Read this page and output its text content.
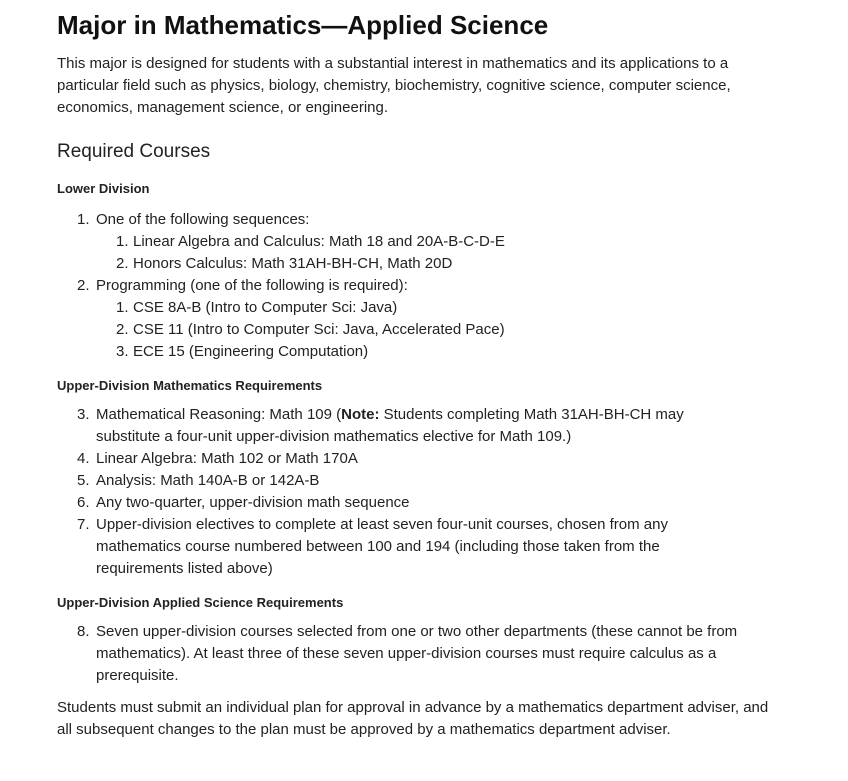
Major in Mathematics—Applied Science

This major is designed for students with a substantial interest in mathematics and its applications to a particular field such as physics, biology, chemistry, biochemistry, cognitive science, computer science, economics, management science, or engineering.

Required Courses
Lower Division
1. One of the following sequences:
1. Linear Algebra and Calculus: Math 18 and 20A-B-C-D-E
2. Honors Calculus: Math 31AH-BH-CH, Math 20D
2. Programming (one of the following is required):
1. CSE 8A-B (Intro to Computer Sci: Java)
2. CSE 11 (Intro to Computer Sci: Java, Accelerated Pace)
3. ECE 15 (Engineering Computation)
Upper-Division Mathematics Requirements
3. Mathematical Reasoning: Math 109 (Note: Students completing Math 31AH-BH-CH may substitute a four-unit upper-division mathematics elective for Math 109.)
4. Linear Algebra: Math 102 or Math 170A
5. Analysis: Math 140A-B or 142A-B
6. Any two-quarter, upper-division math sequence
7. Upper-division electives to complete at least seven four-unit courses, chosen from any mathematics course numbered between 100 and 194 (including those taken from the requirements listed above)
Upper-Division Applied Science Requirements
8. Seven upper-division courses selected from one or two other departments (these cannot be from mathematics). At least three of these seven upper-division courses must require calculus as a prerequisite.

Students must submit an individual plan for approval in advance by a mathematics department adviser, and all subsequent changes to the plan must be approved by a mathematics department adviser.
